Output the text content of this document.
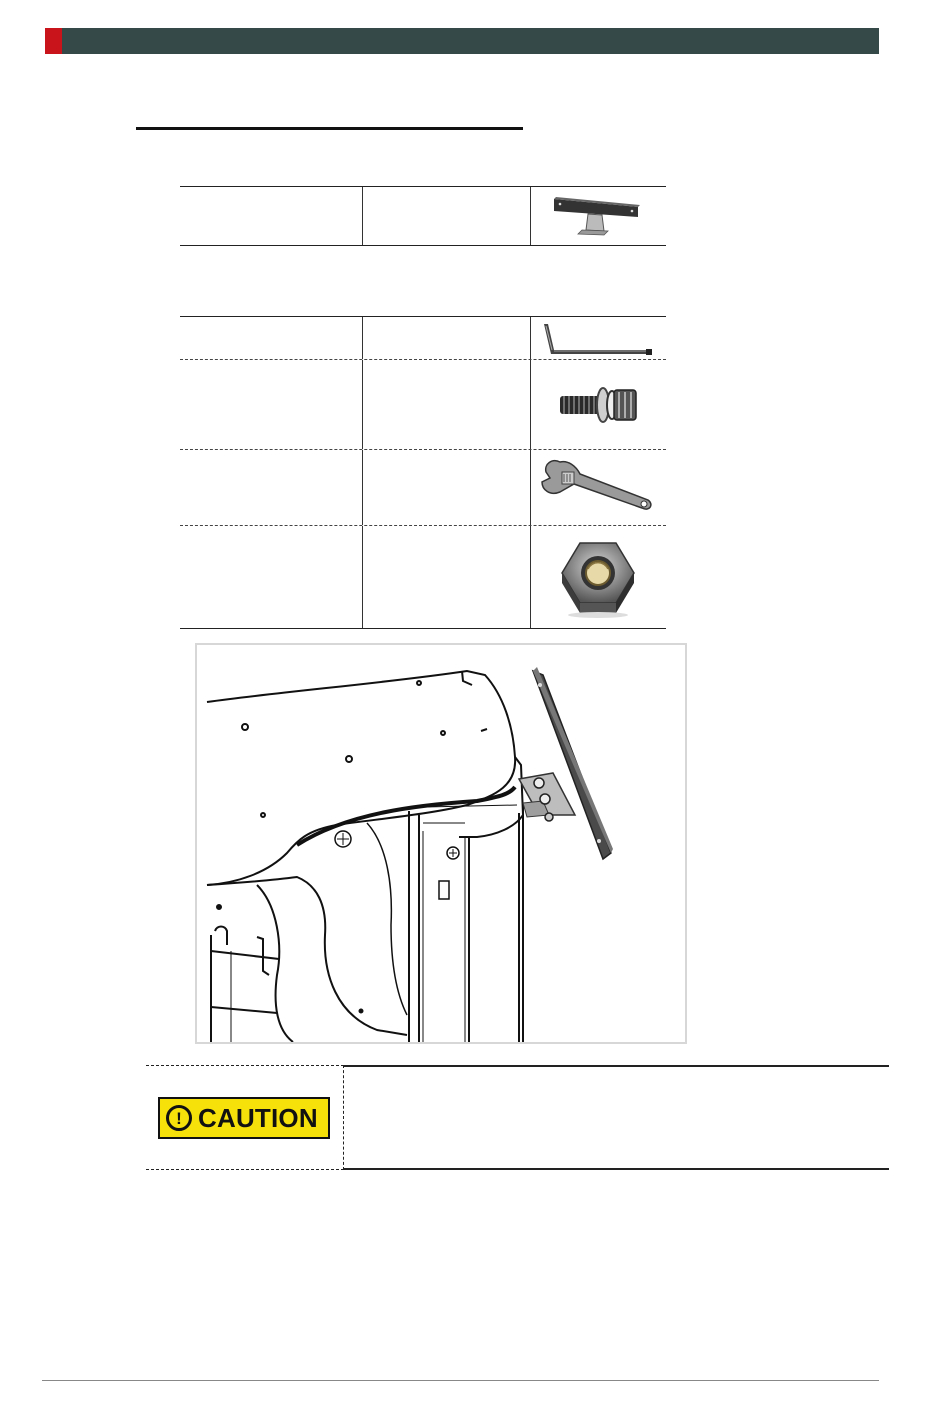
! CAUTION
